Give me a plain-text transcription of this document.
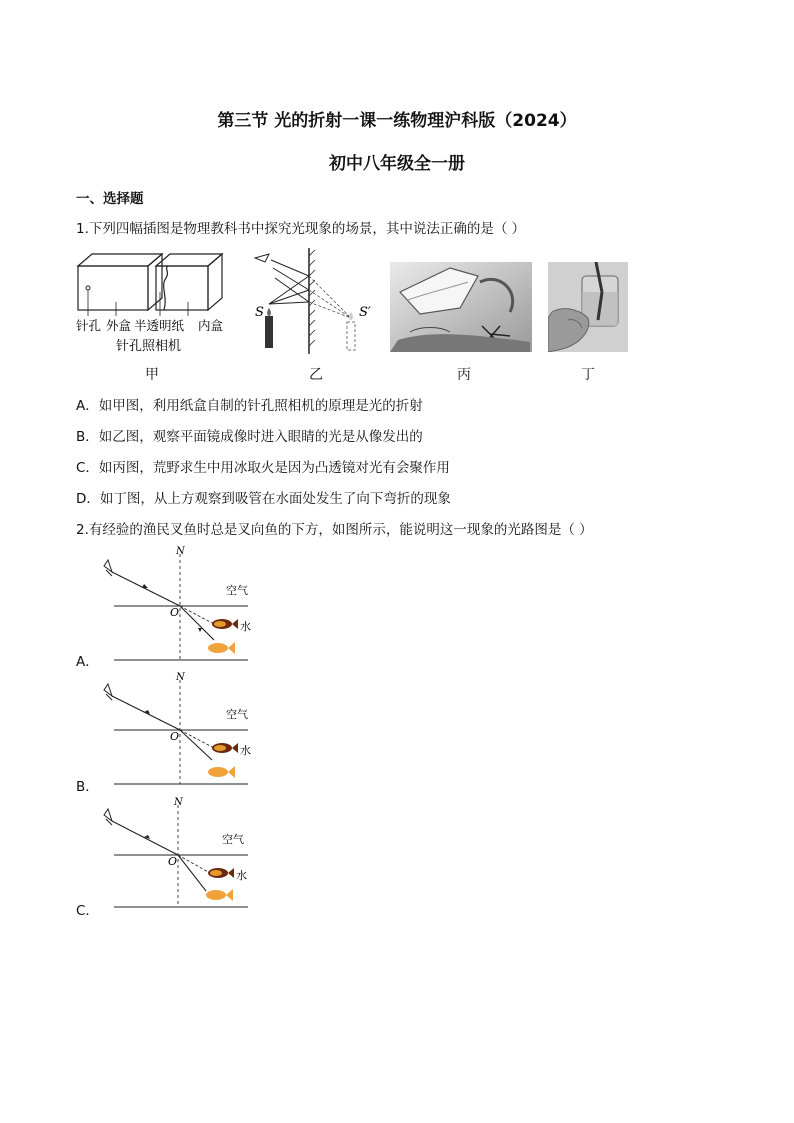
第三节 光的折射一课一练物理沪科版（2024）
初中八年级全一册
一、选择题
1.下列四幅插图是物理教科书中探究光现象的场景，其中说法正确的是（ ）
针孔 外盒 半透明纸 内盒
针孔照相机
S	S′
甲	乙	丙	丁
A．如甲图，利用纸盒自制的针孔照相机的原理是光的折射
B．如乙图，观察平面镜成像时进入眼睛的光是从像发出的
C．如丙图，荒野求生中用冰取火是因为凸透镜对光有会聚作用
D．如丁图，从上方观察到吸管在水面处发生了向下弯折的现象
2.有经验的渔民叉鱼时总是叉向鱼的下方，如图所示，能说明这一现象的光路图是（ ）
A．
N
O
空气
水
B．
N
O
空气
水
C．
N
O
空气
水
